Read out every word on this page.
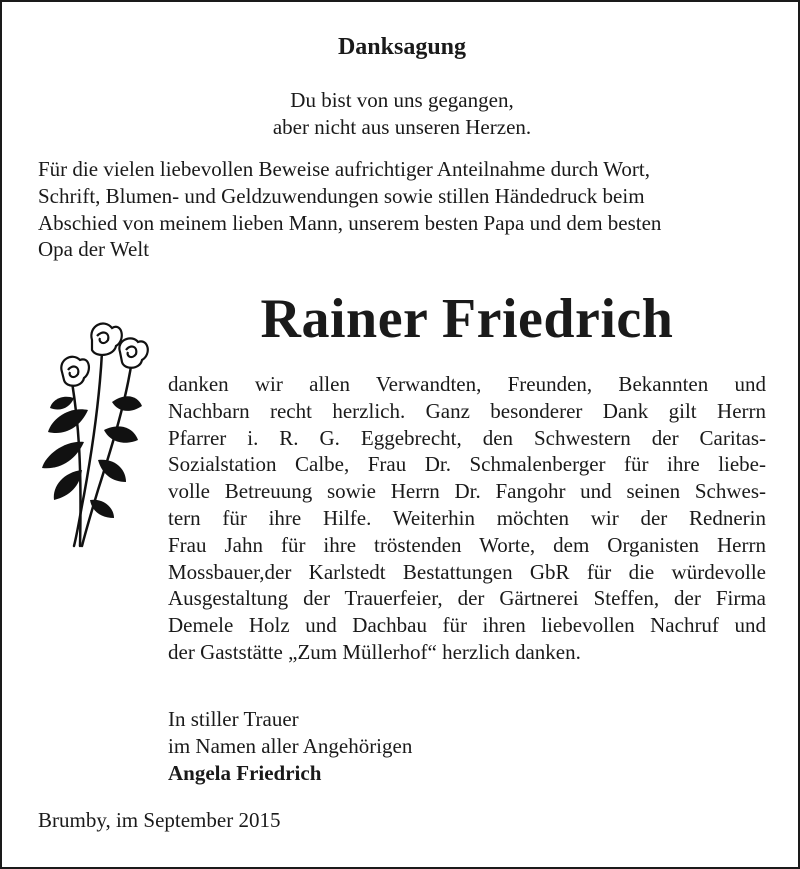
Danksagung
Du bist von uns gegangen,
aber nicht aus unseren Herzen.
Für die vielen liebevollen Beweise aufrichtiger Anteilnahme durch Wort,
Schrift, Blumen- und Geldzuwendungen sowie stillen Händedruck beim
Abschied von meinem lieben Mann, unserem besten Papa und dem besten
Opa der Welt
Rainer Friedrich
danken wir allen Verwandten, Freunden, Bekannten und
Nachbarn recht herzlich. Ganz besonderer Dank gilt Herrn
Pfarrer i. R. G. Eggebrecht, den Schwestern der Caritas-
Sozialstation Calbe, Frau Dr. Schmalenberger für ihre liebe-
volle Betreuung sowie Herrn Dr. Fangohr und seinen Schwes-
tern für ihre Hilfe. Weiterhin möchten wir der Rednerin
Frau Jahn für ihre tröstenden Worte, dem Organisten Herrn
Mossbauer,der Karlstedt Bestattungen GbR für die würdevolle
Ausgestaltung der Trauerfeier, der Gärtnerei Steffen, der Firma
Demele Holz und Dachbau für ihren liebevollen Nachruf und
der Gaststätte „Zum Müllerhof“ herzlich danken.
In stiller Trauer
im Namen aller Angehörigen
Angela Friedrich
Brumby, im September 2015
